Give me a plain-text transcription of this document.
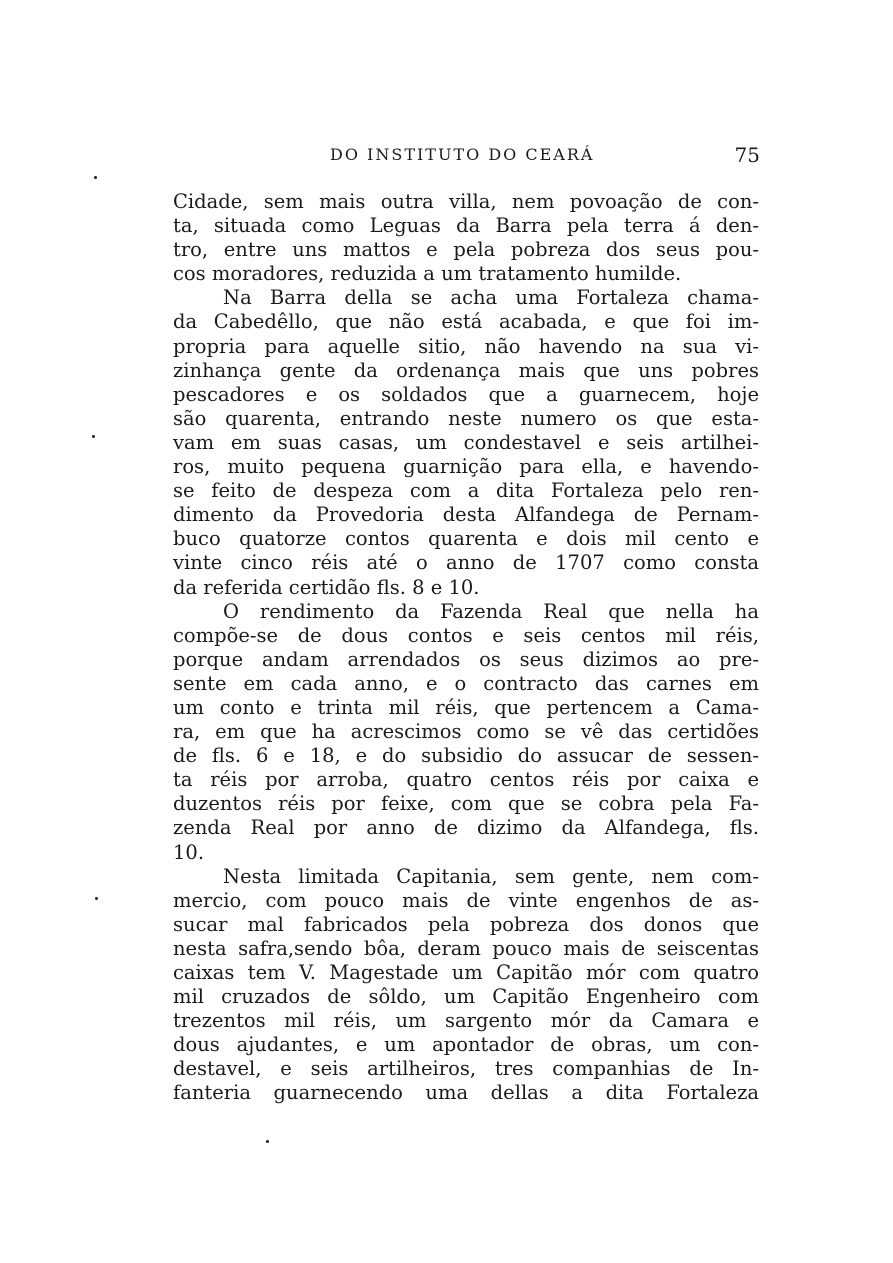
DO INSTITUTO DO CEARÁ	75
Cidade, sem mais outra villa, nem povoação de con-
ta, situada como Leguas da Barra pela terra á den-
tro, entre uns mattos e pela pobreza dos seus pou-
cos moradores, reduzida a um tratamento humilde.
Na Barra della se acha uma Fortaleza chama-
da Cabedêllo, que não está acabada, e que foi im-
propria para aquelle sitio, não havendo na sua vi-
zinhança gente da ordenança mais que uns pobres
pescadores e os soldados que a guarnecem, hoje
são quarenta, entrando neste numero os que esta-
vam em suas casas, um condestavel e seis artilhei-
ros, muito pequena guarnição para ella, e havendo-
se feito de despeza com a dita Fortaleza pelo ren-
dimento da Provedoria desta Alfandega de Pernam-
buco quatorze contos quarenta e dois mil cento e
vinte cinco réis até o anno de 1707 como consta
da referida certidão fls. 8 e 10.
O rendimento da Fazenda Real que nella ha
compõe-se de dous contos e seis centos mil réis,
porque andam arrendados os seus dizimos ao pre-
sente em cada anno, e o contracto das carnes em
um conto e trinta mil réis, que pertencem a Cama-
ra, em que ha acrescimos como se vê das certidões
de fls. 6 e 18, e do subsidio do assucar de sessen-
ta réis por arroba, quatro centos réis por caixa e
duzentos réis por feixe, com que se cobra pela Fa-
zenda Real por anno de dizimo da Alfandega, fls.
10.
Nesta limitada Capitania, sem gente, nem com-
mercio, com pouco mais de vinte engenhos de as-
sucar mal fabricados pela pobreza dos donos que
nesta safra,sendo bôa, deram pouco mais de seiscentas
caixas tem V. Magestade um Capitão mór com quatro
mil cruzados de sôldo, um Capitão Engenheiro com
trezentos mil réis, um sargento mór da Camara e
dous ajudantes, e um apontador de obras, um con-
destavel, e seis artilheiros, tres companhias de In-
fanteria guarnecendo uma dellas a dita Fortaleza
